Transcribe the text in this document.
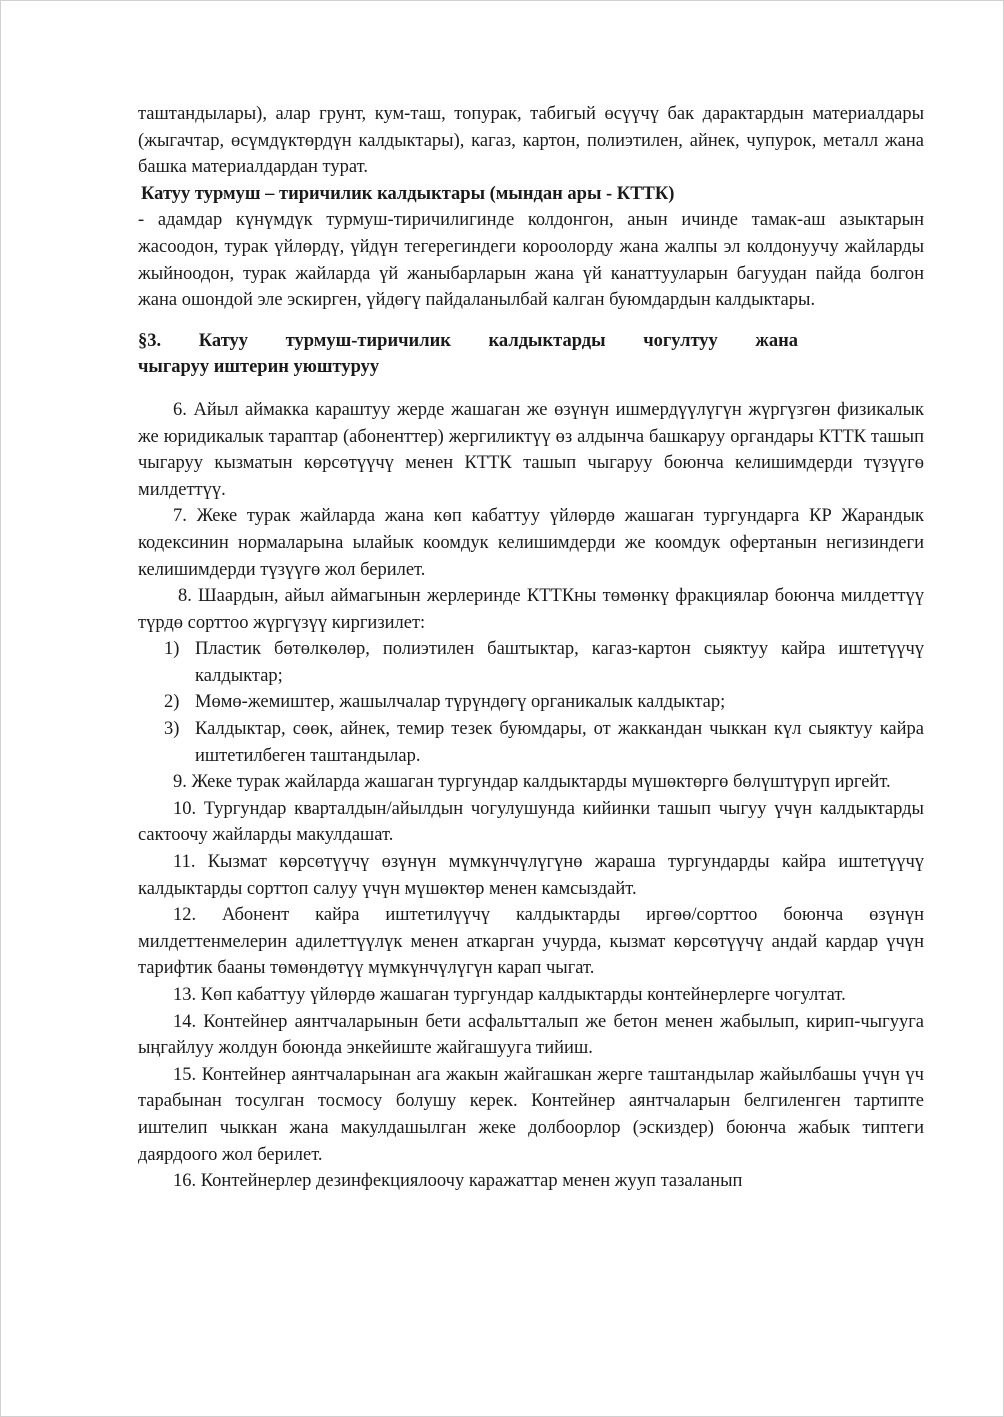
таштандылары), алар грунт, кум-таш, топурак, табигый өсүүчү бак дарактардын материалдары (жыгачтар, өсүмдүктөрдүн калдыктары), кагаз, картон, полиэтилен, айнек, чупурок, металл жана башка материалдардан турат.

Катуу турмуш – тиричилик калдыктары (мындан ары - КТТК)

- адамдар күнүмдүк турмуш-тиричилигинде колдонгон, анын ичинде тамак-аш азыктарын жасоодон, турак үйлөрдү, үйдүн тегерегиндеги короолорду жана жалпы эл колдонуучу жайларды жыйноодон, турак жайларда үй жаныбарларын жана үй канаттууларын багуудан пайда болгон жана ошондой эле эскирген, үйдөгү пайдаланылбай калган буюмдардын калдыктары.

§3. Катуу турмуш-тиричилик калдыктарды чогултуу жана
чыгаруу иштерин уюштуруу

6. Айыл аймакка караштуу жерде жашаган же өзүнүн ишмердүүлүгүн жүргүзгөн физикалык же юридикалык тараптар (абоненттер) жергиликтүү өз алдынча башкаруу органдары КТТК ташып чыгаруу кызматын көрсөтүүчү менен КТТК ташып чыгаруу боюнча келишимдерди түзүүгө милдеттүү.

7. Жеке турак жайларда жана көп кабаттуу үйлөрдө жашаган тургундарга КР Жарандык кодексинин нормаларына ылайык коомдук келишимдерди же коомдук офертанын негизиндеги келишимдерди түзүүгө жол берилет.

8. Шаардын, айыл аймагынын жерлеринде КТТКны төмөнкү фракциялар боюнча милдеттүү түрдө сорттоо жүргүзүү киргизилет:

1) Пластик бөтөлкөлөр, полиэтилен баштыктар, кагаз-картон сыяктуу кайра иштетүүчү калдыктар;
2) Мөмө-жемиштер, жашылчалар түрүндөгү органикалык калдыктар;
3) Калдыктар, сөөк, айнек, темир тезек буюмдары, от жаккандан чыккан күл сыяктуу кайра иштетилбеген таштандылар.

9. Жеке турак жайларда жашаган тургундар калдыктарды мүшөктөргө бөлүштүрүп иргейт.

10. Тургундар кварталдын/айылдын чогулушунда кийинки ташып чыгуу үчүн калдыктарды сактоочу жайларды макулдашат.

11. Кызмат көрсөтүүчү өзүнүн мүмкүнчүлүгүнө жараша тургундарды кайра иштетүүчү калдыктарды сорттоп салуу үчүн мүшөктөр менен камсыздайт.

12. Абонент кайра иштетилүүчү калдыктарды иргөө/сорттоо боюнча өзүнүн милдеттенмелерин адилеттүүлүк менен аткарган учурда, кызмат көрсөтүүчү андай кардар үчүн тарифтик бааны төмөндөтүү мүмкүнчүлүгүн карап чыгат.

13. Көп кабаттуу үйлөрдө жашаган тургундар калдыктарды контейнерлерге чогултат.

14. Контейнер аянтчаларынын бети асфальтталып же бетон менен жабылып, кирип-чыгууга ыңгайлуу жолдун боюнда энкейиште жайгашууга тийиш.

15. Контейнер аянтчаларынан ага жакын жайгашкан жерге таштандылар жайылбашы үчүн үч тарабынан тосулган тосмосу болушу керек. Контейнер аянтчаларын белгиленген тартипте иштелип чыккан жана макулдашылган жеке долбоорлор (эскиздер) боюнча жабык типтеги даярдоого жол берилет.

16. Контейнерлер дезинфекциялоочу каражаттар менен жууп тазаланып
